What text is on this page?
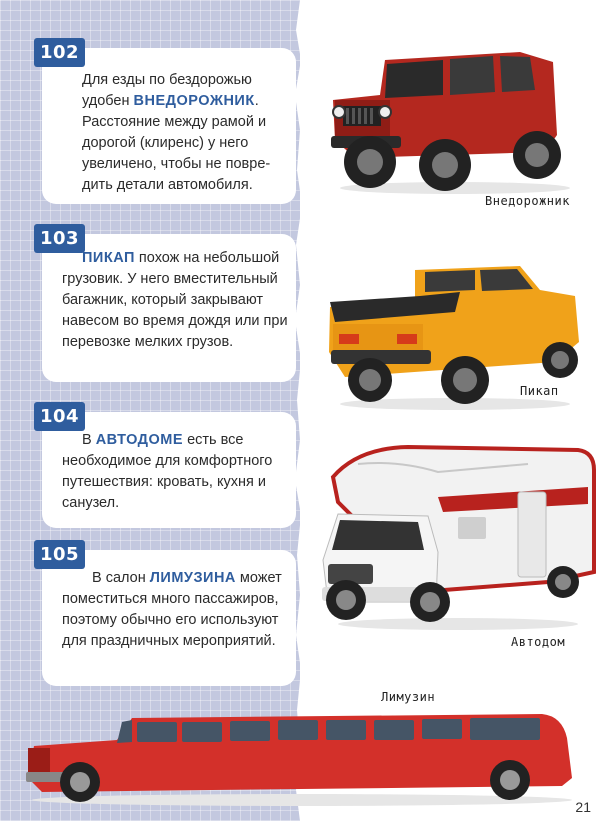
102
Для езды по бездорожью удобен ВНЕДОРОЖНИК. Расстояние между рамой и дорогой (клиренс) у него увеличено, чтобы не повредить детали автомобиля.
103
ПИКАП похож на небольшой грузовик. У него вместительный багажник, который закрывают навесом во время дождя или при перевозке мелких грузов.
104
В АВТОДОМЕ есть все необходимое для комфортного путешествия: кровать, кухня и санузел.
105
В салон ЛИМУЗИНА может поместиться много пассажиров, поэтому обычно его используют для праздничных мероприятий.
Внедорожник
Пикап
Автодом
Лимузин
21
